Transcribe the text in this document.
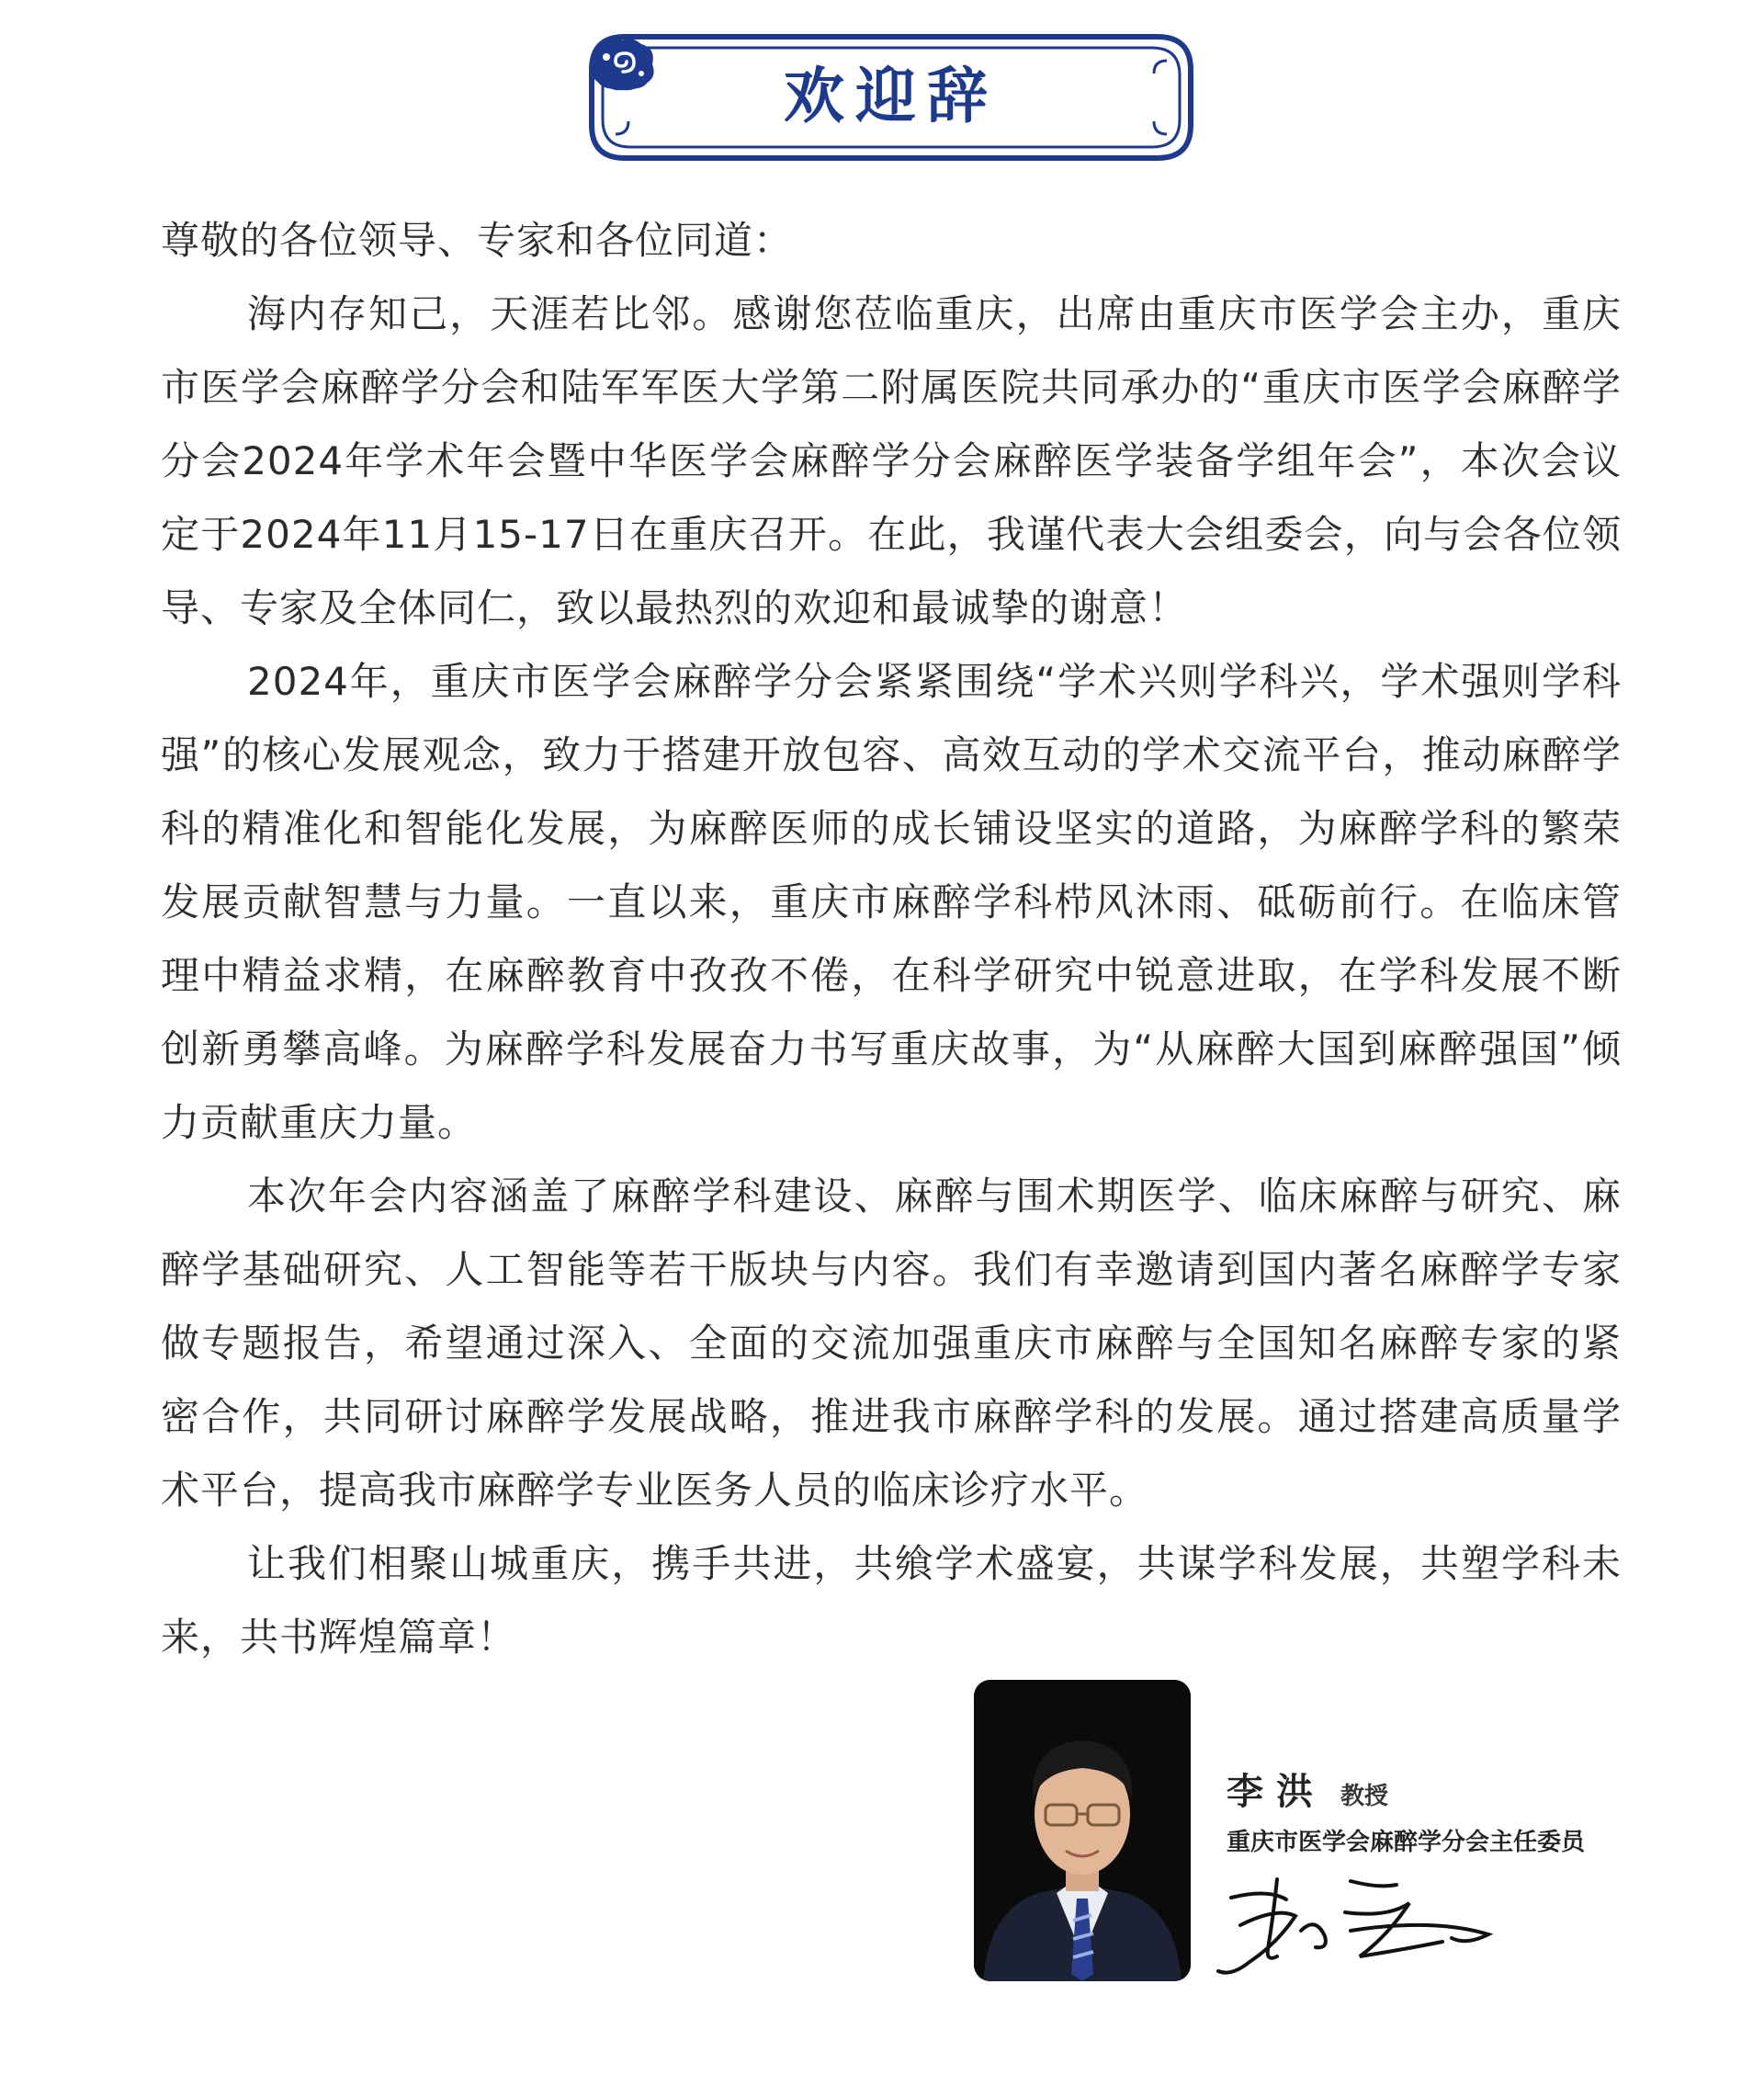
欢迎辞

尊敬的各位领导、专家和各位同道：

海内存知己，天涯若比邻。感谢您莅临重庆，出席由重庆市医学会主办，重庆市医学会麻醉学分会和陆军军医大学第二附属医院共同承办的“重庆市医学会麻醉学分会2024年学术年会暨中华医学会麻醉学分会麻醉医学装备学组年会”，本次会议定于2024年11月15-17日在重庆召开。在此，我谨代表大会组委会，向与会各位领导、专家及全体同仁，致以最热烈的欢迎和最诚挚的谢意！

2024年，重庆市医学会麻醉学分会紧紧围绕“学术兴则学科兴，学术强则学科强”的核心发展观念，致力于搭建开放包容、高效互动的学术交流平台，推动麻醉学科的精准化和智能化发展，为麻醉医师的成长铺设坚实的道路，为麻醉学科的繁荣发展贡献智慧与力量。一直以来，重庆市麻醉学科栉风沐雨、砥砺前行。在临床管理中精益求精，在麻醉教育中孜孜不倦，在科学研究中锐意进取，在学科发展不断创新勇攀高峰。为麻醉学科发展奋力书写重庆故事，为“从麻醉大国到麻醉强国”倾力贡献重庆力量。

本次年会内容涵盖了麻醉学科建设、麻醉与围术期医学、临床麻醉与研究、麻醉学基础研究、人工智能等若干版块与内容。我们有幸邀请到国内著名麻醉学专家做专题报告，希望通过深入、全面的交流加强重庆市麻醉与全国知名麻醉专家的紧密合作，共同研讨麻醉学发展战略，推进我市麻醉学科的发展。通过搭建高质量学术平台，提高我市麻醉学专业医务人员的临床诊疗水平。

让我们相聚山城重庆，携手共进，共飨学术盛宴，共谋学科发展，共塑学科未来，共书辉煌篇章！

李洪 教授
重庆市医学会麻醉学分会主任委员
